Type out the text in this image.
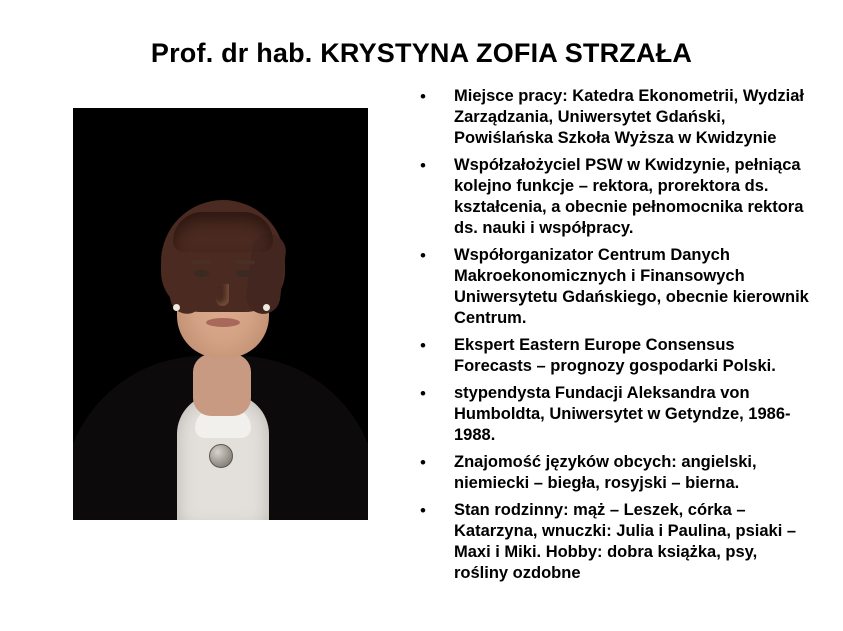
Prof. dr hab. KRYSTYNA ZOFIA STRZAŁA
•	Miejsce pracy: Katedra Ekonometrii, Wydział Zarządzania, Uniwersytet Gdański, Powiślańska Szkoła Wyższa w Kwidzynie
•	Współzałożyciel PSW w Kwidzynie, pełniąca kolejno funkcje – rektora, prorektora ds. kształcenia, a obecnie pełnomocnika rektora ds. nauki i współpracy.
•	Współorganizator Centrum Danych Makroekonomicznych i Finansowych Uniwersytetu Gdańskiego, obecnie kierownik Centrum.
•	Ekspert Eastern Europe Consensus Forecasts – prognozy gospodarki Polski.
•	stypendysta Fundacji Aleksandra von Humboldta, Uniwersytet w Getyndze, 1986-1988.
•	Znajomość języków obcych: angielski, niemiecki – biegła, rosyjski – bierna.
•	Stan rodzinny: mąż – Leszek, córka – Katarzyna, wnuczki: Julia i Paulina, psiaki – Maxi i Miki. Hobby: dobra książka, psy, rośliny ozdobne
